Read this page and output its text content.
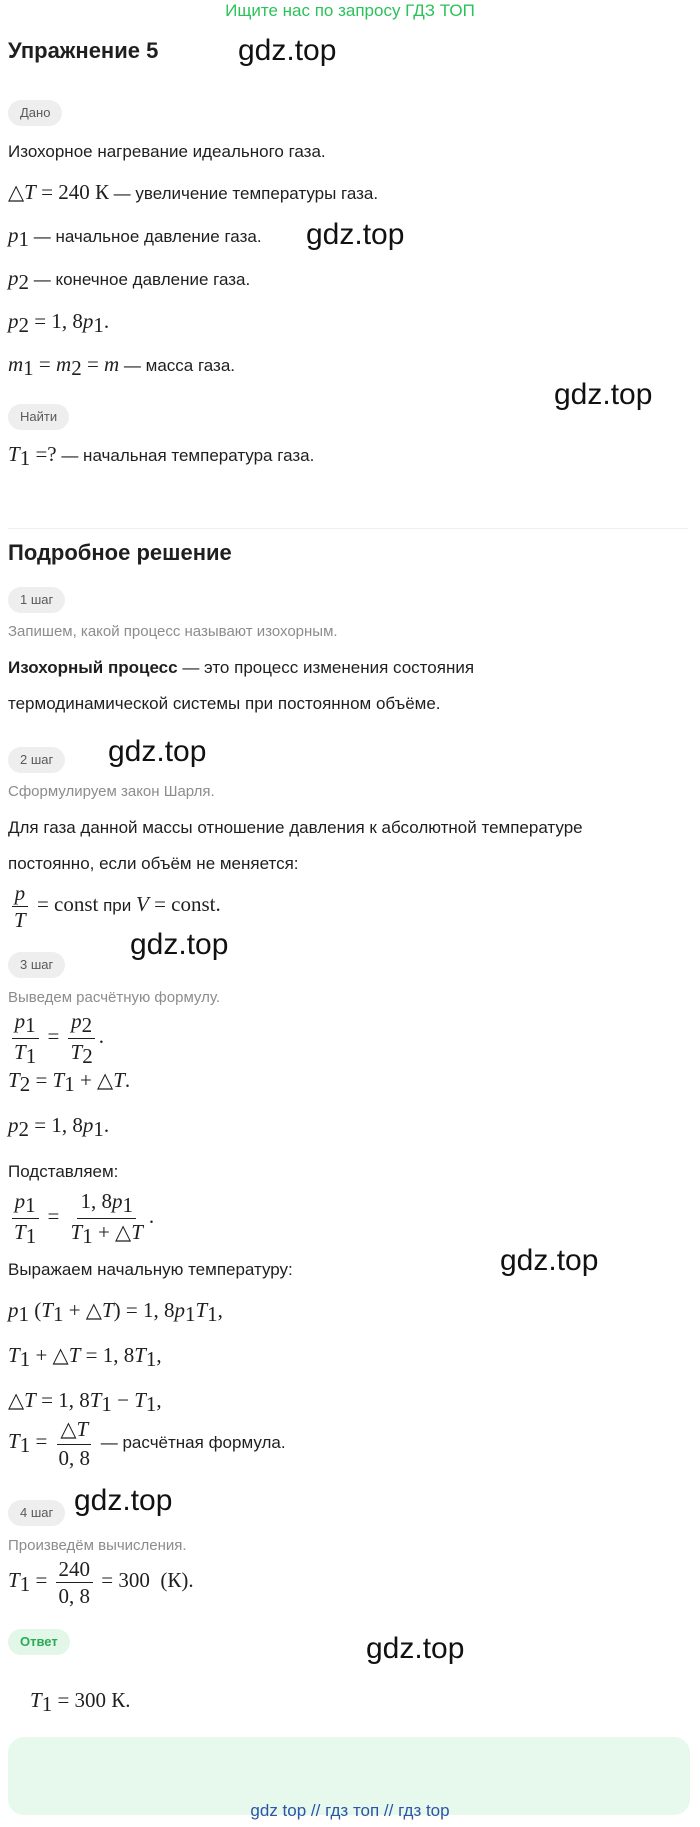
Ищите нас по запросу ГДЗ ТОП
Упражнение 5	gdz.top
Дано
Изохорное нагревание идеального газа.
△T = 240 К — увеличение температуры газа.
$p_1$ — начальное давление газа. gdz.top
$p_2$ — конечное давление газа.
$p_2 = 1$, $8p_1$.
$m_1 = m_2 = m$ — масса газа.
gdz.top
Найти
$T_1$ =? — начальная температура газа.
Подробное решение
1 шаг
Запишем, какой процесс называют изохорным.
Изохорный процесс — это процесс изменения состояния
термодинамической системы при постоянном объёме.
gdz.top
2 шаг
Сформулируем закон Шарля.
Для газа данной массы отношение давления к абсолютной температуре
постоянно, если объём не меняется:
$\frac{p}{T}$ = const при V = const.
gdz.top
3 шаг
Выведем расчётную формулу.
$\frac{p_1}{T_1} = \frac{p_2}{T_2}$ .
$T_2 = T_1$ + △T.
$p_2 = 1$, $8p_1$.
Подставляем:
$\frac{p_1}{T_1} = \frac{1, 8p_1}{T_1 + \triangle T}$ .
Выражаем начальную температуру:	gdz.top
$p_1$ ($T_1$ + △T) = 1, $8p_1T_1$,
$T_1$ + △T = 1, $8T_1$,
△T = 1, $8T_1 - T_1$,
$T_1 = \frac{\triangle T}{0, 8}$ — расчётная формула.
4 шаг gdz.top
Произведём вычисления.
$T_1 = \frac{240}{0, 8} = 300$ (К).
Ответ	gdz.top
$T_1 = 300$ К.
gdz top // гдз топ // гдз top
